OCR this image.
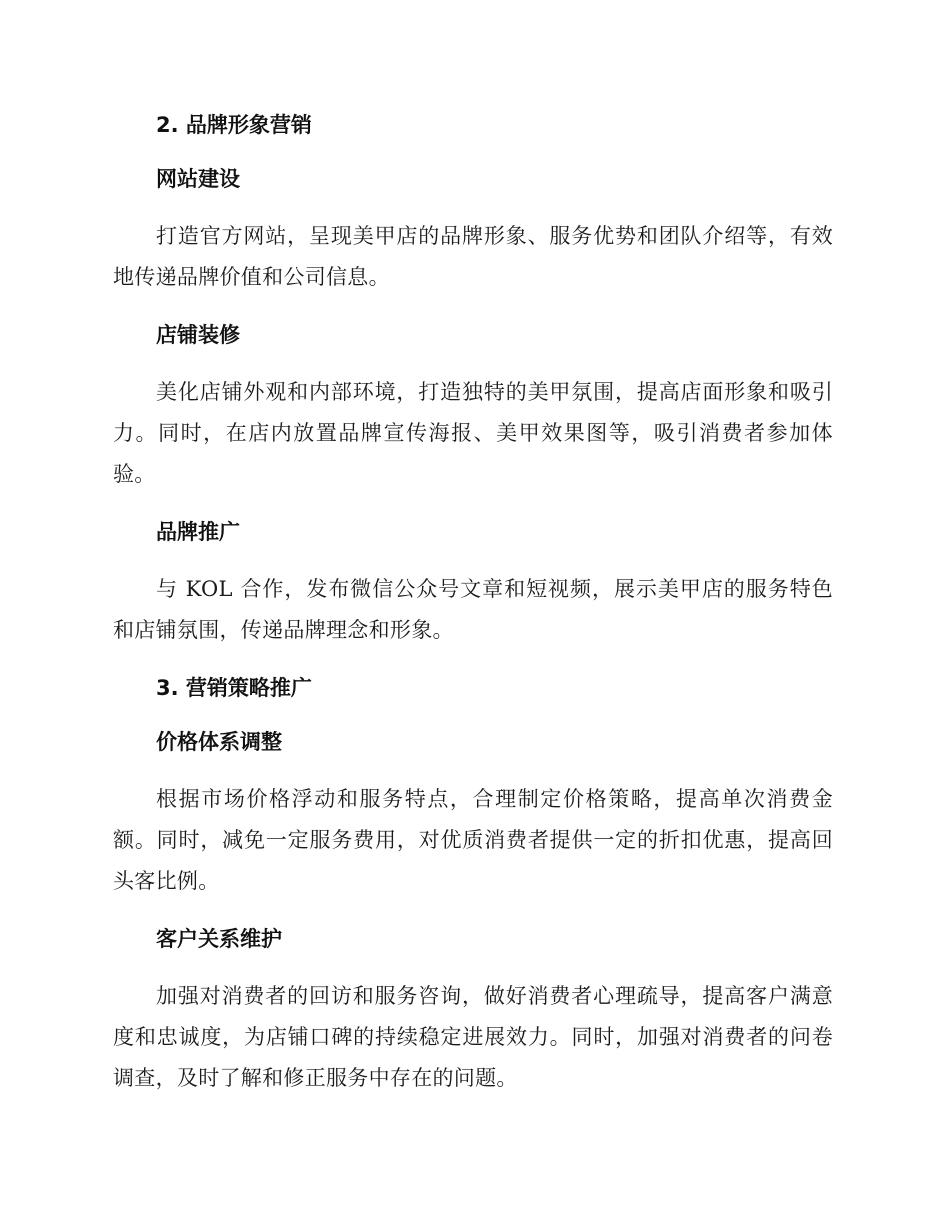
2. 品牌形象营销
网站建设

打造官方网站，呈现美甲店的品牌形象、服务优势和团队介绍等，有效地传递品牌价值和公司信息。

店铺装修

美化店铺外观和内部环境，打造独特的美甲氛围，提高店面形象和吸引力。同时，在店内放置品牌宣传海报、美甲效果图等，吸引消费者参加体验。

品牌推广

与 KOL 合作，发布微信公众号文章和短视频，展示美甲店的服务特色和店铺氛围，传递品牌理念和形象。

3. 营销策略推广
价格体系调整

根据市场价格浮动和服务特点，合理制定价格策略，提高单次消费金额。同时，减免一定服务费用，对优质消费者提供一定的折扣优惠，提高回头客比例。

客户关系维护

加强对消费者的回访和服务咨询，做好消费者心理疏导，提高客户满意度和忠诚度，为店铺口碑的持续稳定进展效力。同时，加强对消费者的问卷调查，及时了解和修正服务中存在的问题。
